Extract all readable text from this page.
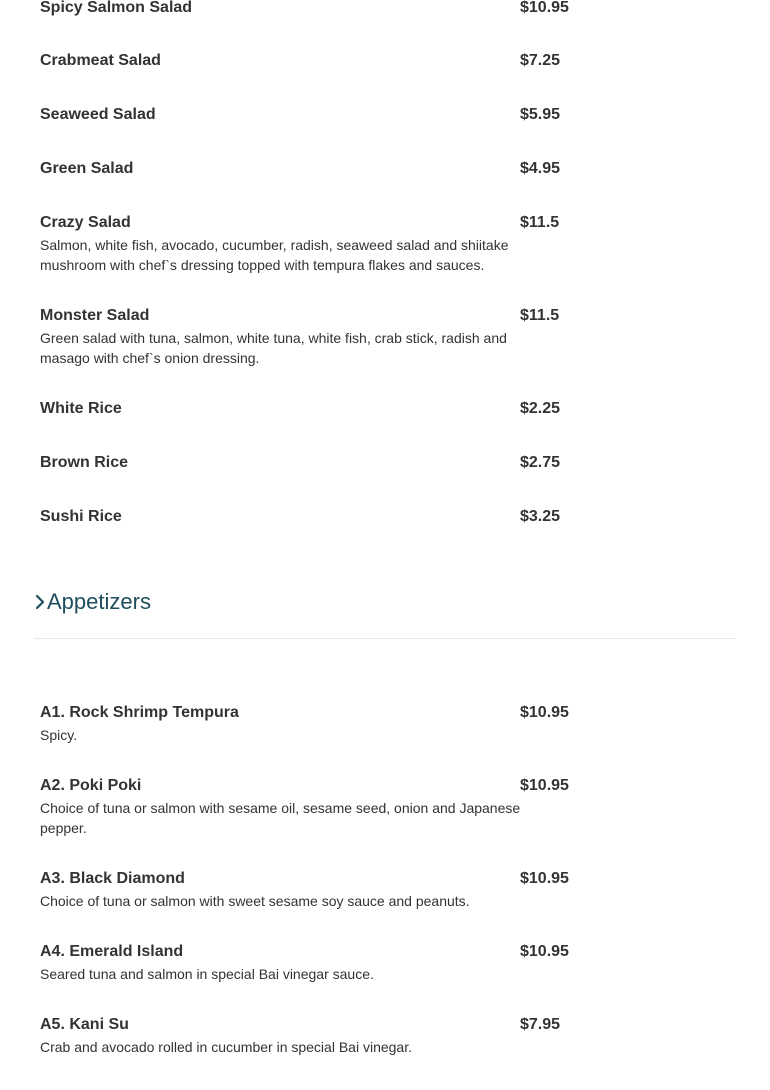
Spicy Salmon Salad	$10.95
Crabmeat Salad	$7.25
Seaweed Salad	$5.95
Green Salad	$4.95
Crazy Salad	$11.5
Salmon, white fish, avocado, cucumber, radish, seaweed salad and shiitake mushroom with chef`s dressing topped with tempura flakes and sauces.
Monster Salad	$11.5
Green salad with tuna, salmon, white tuna, white fish, crab stick, radish and masago with chef`s onion dressing.
White Rice	$2.25
Brown Rice	$2.75
Sushi Rice	$3.25
Appetizers
A1. Rock Shrimp Tempura	$10.95
Spicy.
A2. Poki Poki	$10.95
Choice of tuna or salmon with sesame oil, sesame seed, onion and Japanese pepper.
A3. Black Diamond	$10.95
Choice of tuna or salmon with sweet sesame soy sauce and peanuts.
A4. Emerald Island	$10.95
Seared tuna and salmon in special Bai vinegar sauce.
A5. Kani Su	$7.95
Crab and avocado rolled in cucumber in special Bai vinegar.
